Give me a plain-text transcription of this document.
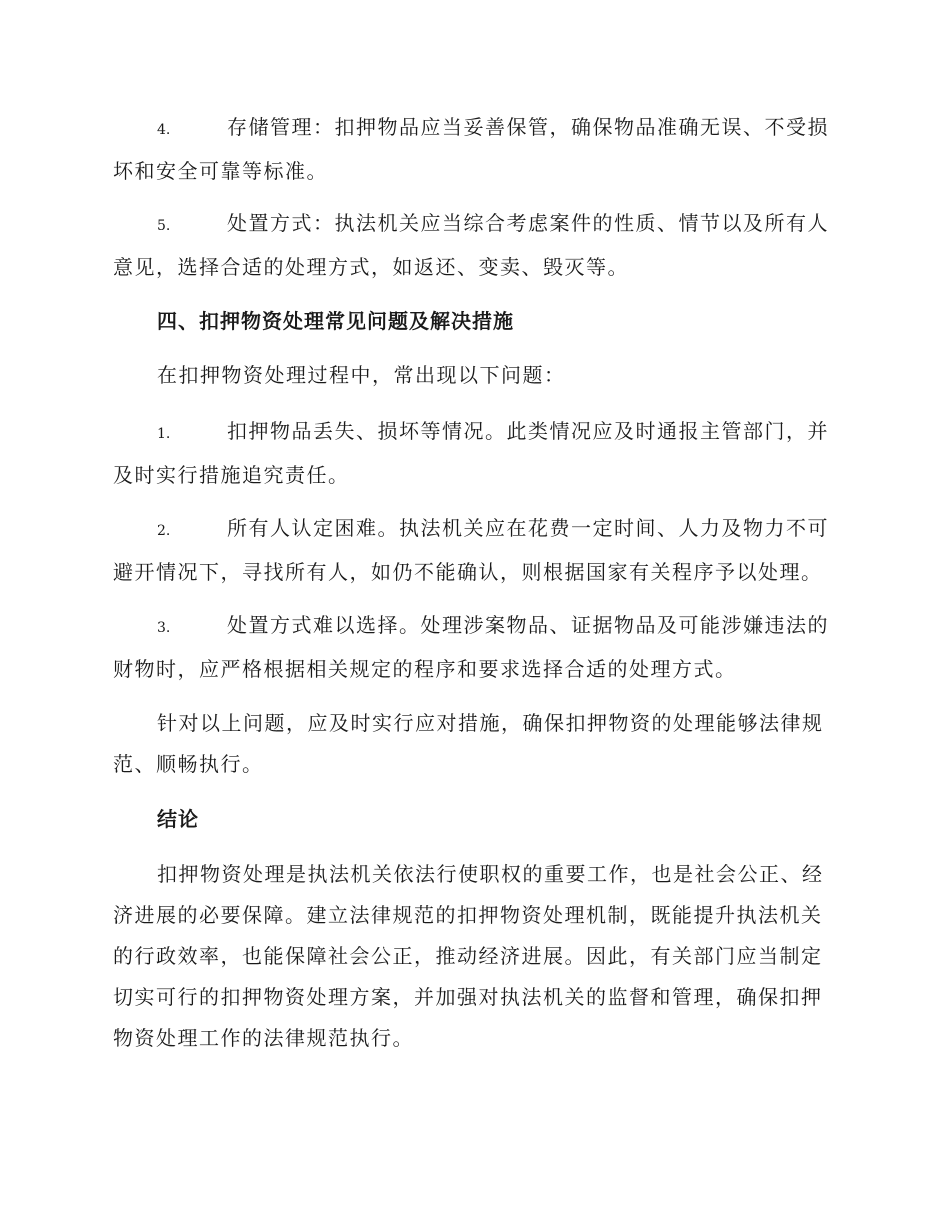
4.	存储管理：扣押物品应当妥善保管，确保物品准确无误、不受损坏和安全可靠等标准。

5.	处置方式：执法机关应当综合考虑案件的性质、情节以及所有人意见，选择合适的处理方式，如返还、变卖、毁灭等。

四、扣押物资处理常见问题及解决措施

在扣押物资处理过程中，常出现以下问题：

1.	扣押物品丢失、损坏等情况。此类情况应及时通报主管部门，并及时实行措施追究责任。

2.	所有人认定困难。执法机关应在花费一定时间、人力及物力不可避开情况下，寻找所有人，如仍不能确认，则根据国家有关程序予以处理。

3.	处置方式难以选择。处理涉案物品、证据物品及可能涉嫌违法的财物时，应严格根据相关规定的程序和要求选择合适的处理方式。

针对以上问题，应及时实行应对措施，确保扣押物资的处理能够法律规范、顺畅执行。

结论

扣押物资处理是执法机关依法行使职权的重要工作，也是社会公正、经济进展的必要保障。建立法律规范的扣押物资处理机制，既能提升执法机关的行政效率，也能保障社会公正，推动经济进展。因此，有关部门应当制定切实可行的扣押物资处理方案，并加强对执法机关的监督和管理，确保扣押物资处理工作的法律规范执行。
